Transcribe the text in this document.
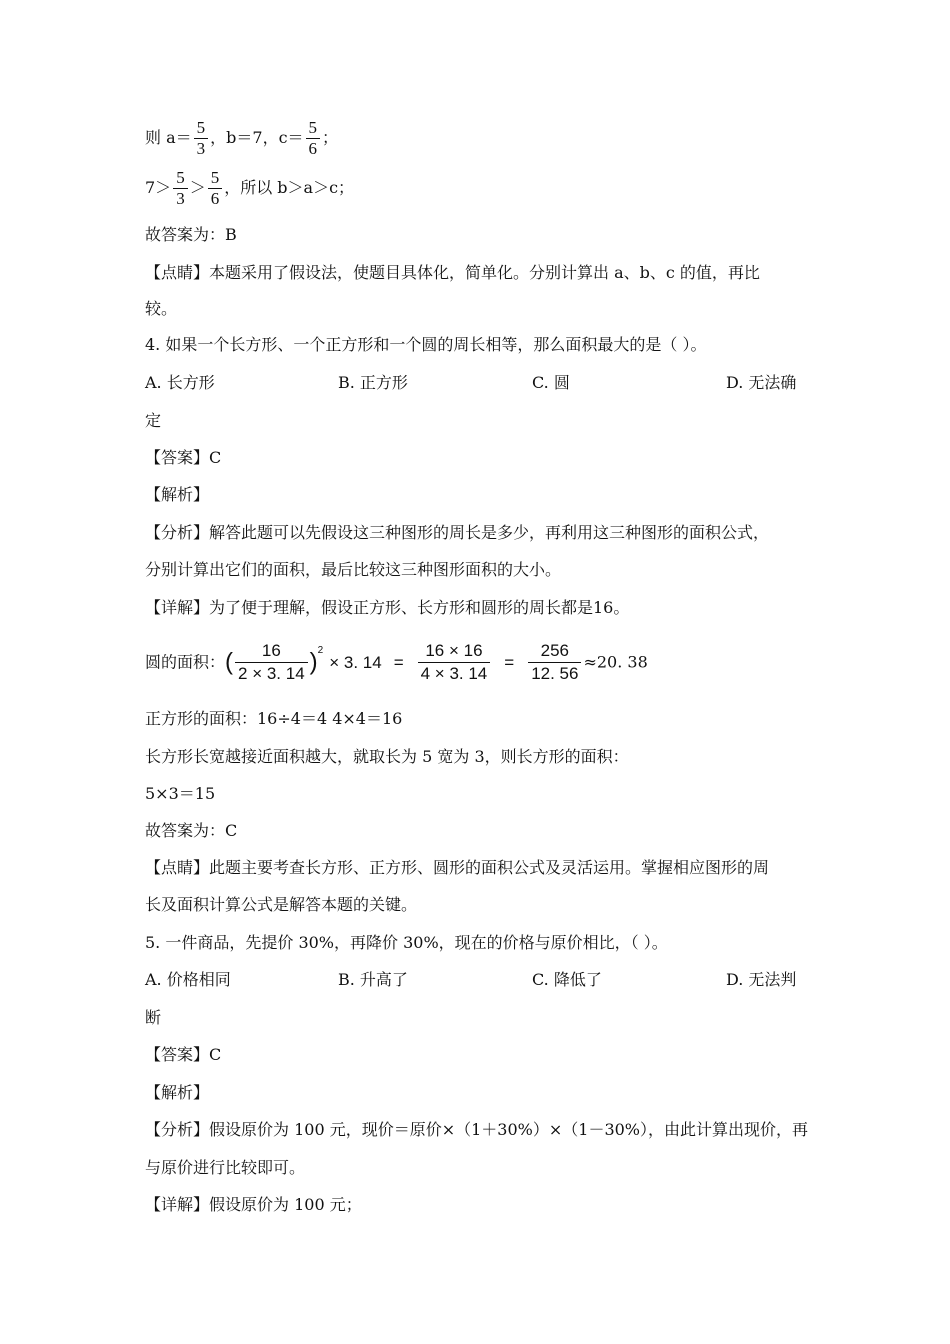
则 $a= \frac{5}{3}$ ，b＝7，$c= \frac{5}{6}$ ；
$7> \frac{5}{3} > \frac{5}{6}$ ，所以 b＞a＞c；
故答案为：B
【点睛】本题采用了假设法，使题目具体化，简单化。分别计算出 a、b、c 的值，再比
较。
4. 如果一个长方形、一个正方形和一个圆的周长相等，那么面积最大的是（ ）。
A. 长方形	B. 正方形	C. 圆	D. 无法确
定
【答案】C
【解析】
【分析】解答此题可以先假设这三种图形的周长是多少，再利用这三种图形的面积公式，
分别计算出它们的面积，最后比较这三种图形面积的大小。
【详解】为了便于理解，假设正方形、长方形和圆形的周长都是16。
圆的面积：( $\frac{16}{2 \times 3. 14} )^2\times 3$. $14 = \frac{16 \times 16}{4 \times 3. 14} = \frac{256}{12. 56} \approx 20$. 38
正方形的面积：16÷4＝4 4×4＝16
长方形长宽越接近面积越大，就取长为 5 宽为 3，则长方形的面积：
5×3＝15
故答案为：C
【点睛】此题主要考查长方形、正方形、圆形的面积公式及灵活运用。掌握相应图形的周
长及面积计算公式是解答本题的关键。
5. 一件商品，先提价 30%，再降价 30%，现在的价格与原价相比，（ ）。
A. 价格相同	B. 升高了	C. 降低了	D. 无法判
断
【答案】C
【解析】
【分析】假设原价为 100 元，现价＝原价×（1＋30%）×（1－30%），由此计算出现价，再
与原价进行比较即可。
【详解】假设原价为 100 元；
